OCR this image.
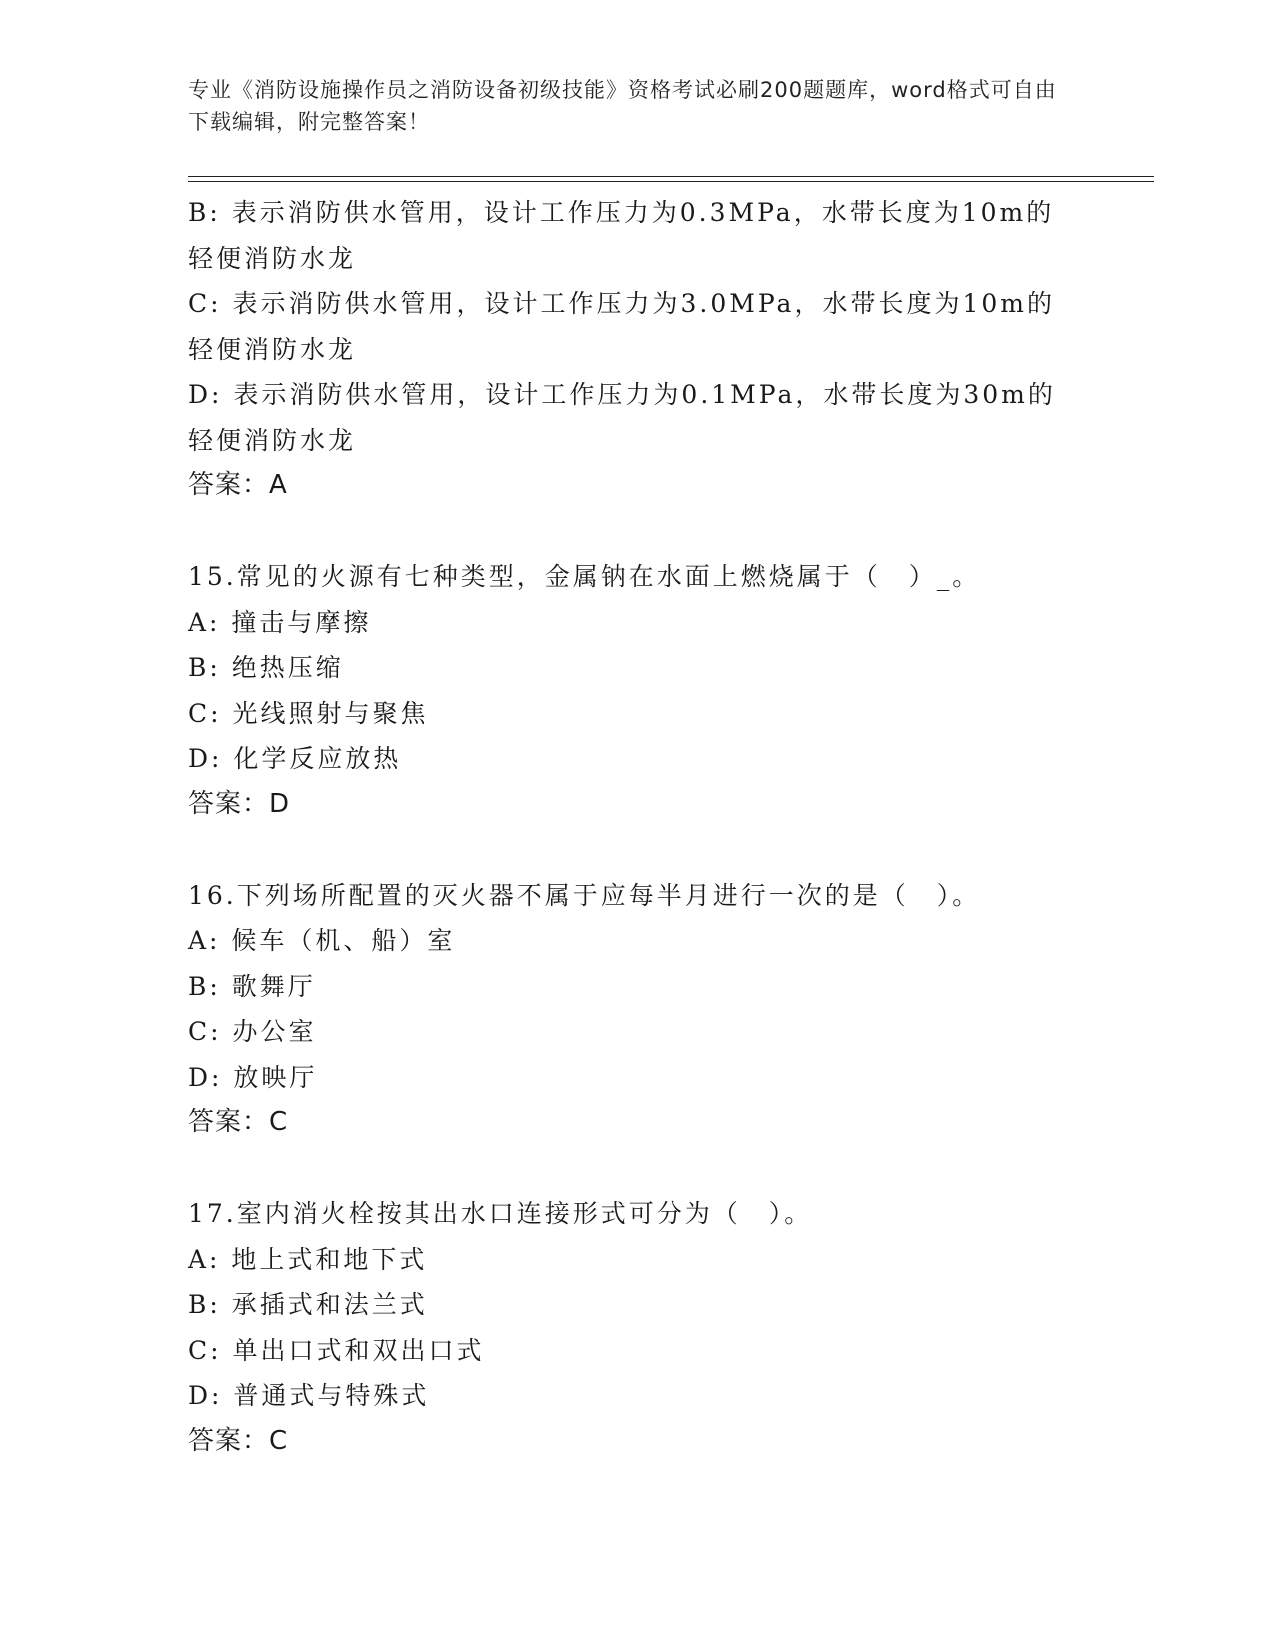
专业《消防设施操作员之消防设备初级技能》资格考试必刷200题题库，word格式可自由下载编辑，附完整答案！
B: 表示消防供水管用，设计工作压力为0.3MPa，水带长度为10m的轻便消防水龙
C: 表示消防供水管用，设计工作压力为3.0MPa，水带长度为10m的轻便消防水龙
D: 表示消防供水管用，设计工作压力为0.1MPa，水带长度为30m的轻便消防水龙
答案：A
15.常见的火源有七种类型，金属钠在水面上燃烧属于（　）_。
A: 撞击与摩擦
B: 绝热压缩
C: 光线照射与聚焦
D: 化学反应放热
答案：D
16.下列场所配置的灭火器不属于应每半月进行一次的是（　）。
A: 候车（机、船）室
B: 歌舞厅
C: 办公室
D: 放映厅
答案：C
17.室内消火栓按其出水口连接形式可分为（　）。
A: 地上式和地下式
B: 承插式和法兰式
C: 单出口式和双出口式
D: 普通式与特殊式
答案：C
